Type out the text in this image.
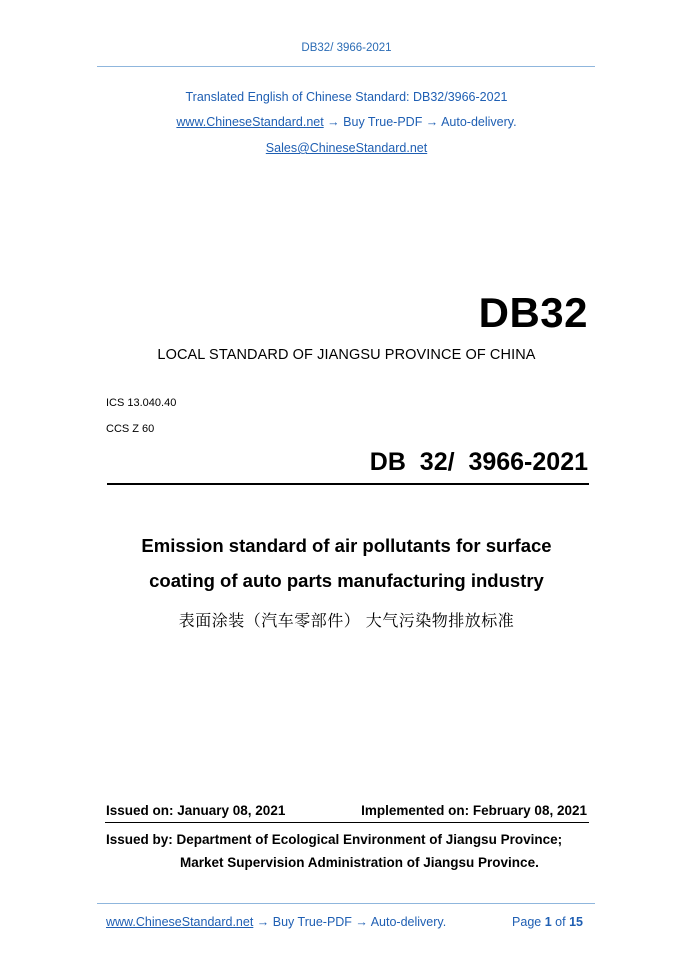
DB32/ 3966-2021
Translated English of Chinese Standard: DB32/3966-2021
www.ChineseStandard.net → Buy True-PDF → Auto-delivery.
Sales@ChineseStandard.net
DB32
LOCAL STANDARD OF JIANGSU PROVINCE OF CHINA
ICS 13.040.40
CCS Z 60
DB  32/  3966-2021
Emission standard of air pollutants for surface
coating of auto parts manufacturing industry
表面涂装（汽车零部件） 大气污染物排放标准
Issued on: January 08, 2021	Implemented on: February 08, 2021
Issued by: Department of Ecological Environment of Jiangsu Province;
Market Supervision Administration of Jiangsu Province.
www.ChineseStandard.net → Buy True-PDF → Auto-delivery.	Page 1 of 15
